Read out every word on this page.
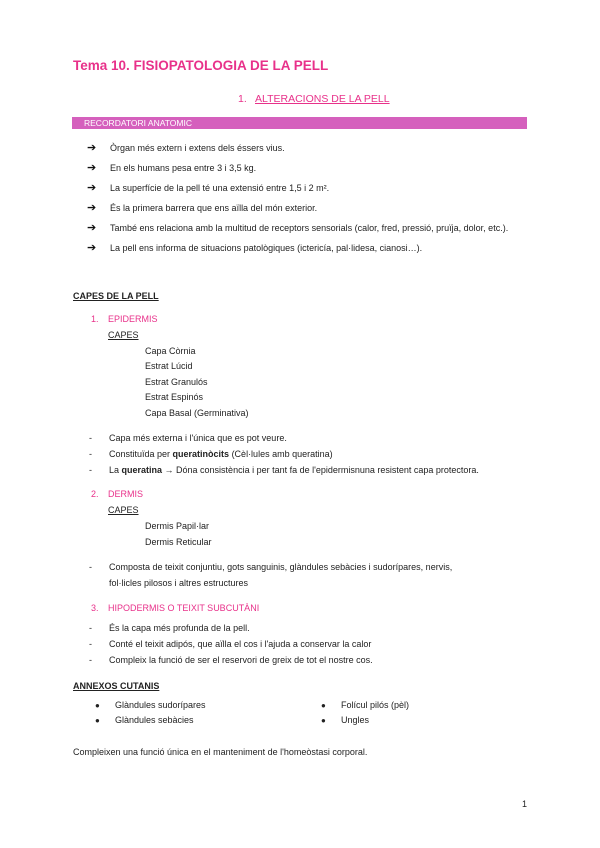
Tema 10. FISIOPATOLOGIA DE LA PELL
1. ALTERACIONS DE LA PELL
RECORDATORI ANATOMIC
➔ Òrgan més extern i extens dels éssers vius.
➔ En els humans pesa entre 3 i 3,5 kg.
➔ La superfície de la pell té una extensió entre 1,5 i 2 m².
➔ És la primera barrera que ens aïlla del món exterior.
➔ També ens relaciona amb la multitud de receptors sensorials (calor, fred, pressió, pruïja, dolor, etc.).
➔ La pell ens informa de situacions patològiques (ictericía, pal·lidesa, cianosi…).
CAPES DE LA PELL
1. EPIDERMIS
CAPES
Capa Còrnia
Estrat Lúcid
Estrat Granulós
Estrat Espinós
Capa Basal (Germinativa)
- Capa més externa i l'única que es pot veure.
- Constituïda per queratinòcits (Cèl·lules amb queratina)
- La queratina → Dóna consistència i per tant fa de l'epidermisnuna resistent capa protectora.
2. DERMIS
CAPES
Dermis Papil·lar
Dermis Reticular
- Composta de teixit conjuntiu, gots sanguinis, glàndules sebàcies i sudorípares, nervis,
fol·licles pilosos i altres estructures
3. HIPODERMIS O TEIXIT SUBCUTÀNI
- És la capa més profunda de la pell.
- Conté el teixit adipós, que aïlla el cos i l'ajuda a conservar la calor
- Compleix la funció de ser el reservori de greix de tot el nostre cos.
ANNEXOS CUTANIS
● Glàndules sudorípares
● Glàndules sebàcies
● Folícul pilós (pèl)
● Ungles
Compleixen una funció única en el manteniment de l'homeòstasi corporal.
1
